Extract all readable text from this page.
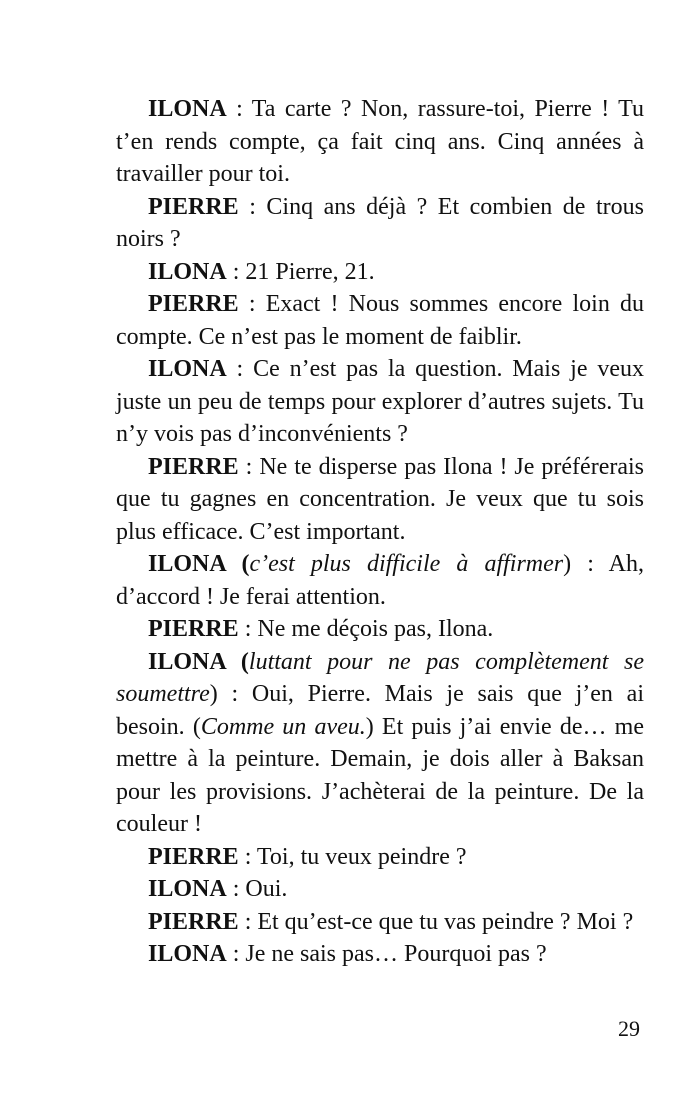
ILONA : Ta carte ? Non, rassure-toi, Pierre ! Tu t’en rends compte, ça fait cinq ans. Cinq années à travailler pour toi.

PIERRE : Cinq ans déjà ? Et combien de trous noirs ?

ILONA : 21 Pierre, 21.

PIERRE : Exact ! Nous sommes encore loin du compte. Ce n’est pas le moment de faiblir.

ILONA : Ce n’est pas la question. Mais je veux juste un peu de temps pour explorer d’autres sujets. Tu n’y vois pas d’inconvénients ?

PIERRE : Ne te disperse pas Ilona ! Je préférerais que tu gagnes en concentration. Je veux que tu sois plus efficace. C’est important.

ILONA (c’est plus difficile à affirmer) : Ah, d’accord ! Je ferai attention.

PIERRE : Ne me déçois pas, Ilona.

ILONA (luttant pour ne pas complètement se soumettre) : Oui, Pierre. Mais je sais que j’en ai besoin. (Comme un aveu.) Et puis j’ai envie de… me mettre à la peinture. Demain, je dois aller à Baksan pour les provisions. J’achèterai de la peinture. De la couleur !

PIERRE : Toi, tu veux peindre ?

ILONA : Oui.

PIERRE : Et qu’est-ce que tu vas peindre ? Moi ?

ILONA : Je ne sais pas… Pourquoi pas ?

29
